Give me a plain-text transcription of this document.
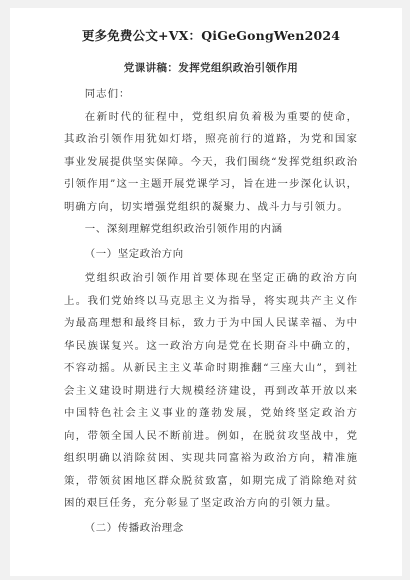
更多免费公文+VX：QiGeGongWen2024
党课讲稿：发挥党组织政治引领作用

同志们：

在新时代的征程中，党组织肩负着极为重要的使命，其政治引领作用犹如灯塔，照亮前行的道路，为党和国家事业发展提供坚实保障。今天，我们围绕“发挥党组织政治引领作用”这一主题开展党课学习，旨在进一步深化认识，明确方向，切实增强党组织的凝聚力、战斗力与引领力。

一、深刻理解党组织政治引领作用的内涵

（一）坚定政治方向

党组织政治引领作用首要体现在坚定正确的政治方向上。我们党始终以马克思主义为指导，将实现共产主义作为最高理想和最终目标，致力于为中国人民谋幸福、为中华民族谋复兴。这一政治方向是党在长期奋斗中确立的，不容动摇。从新民主主义革命时期推翻“三座大山”，到社会主义建设时期进行大规模经济建设，再到改革开放以来中国特色社会主义事业的蓬勃发展，党始终坚定政治方向，带领全国人民不断前进。例如，在脱贫攻坚战中，党组织明确以消除贫困、实现共同富裕为政治方向，精准施策，带领贫困地区群众脱贫致富，如期完成了消除绝对贫困的艰巨任务，充分彰显了坚定政治方向的引领力量。

（二）传播政治理念
